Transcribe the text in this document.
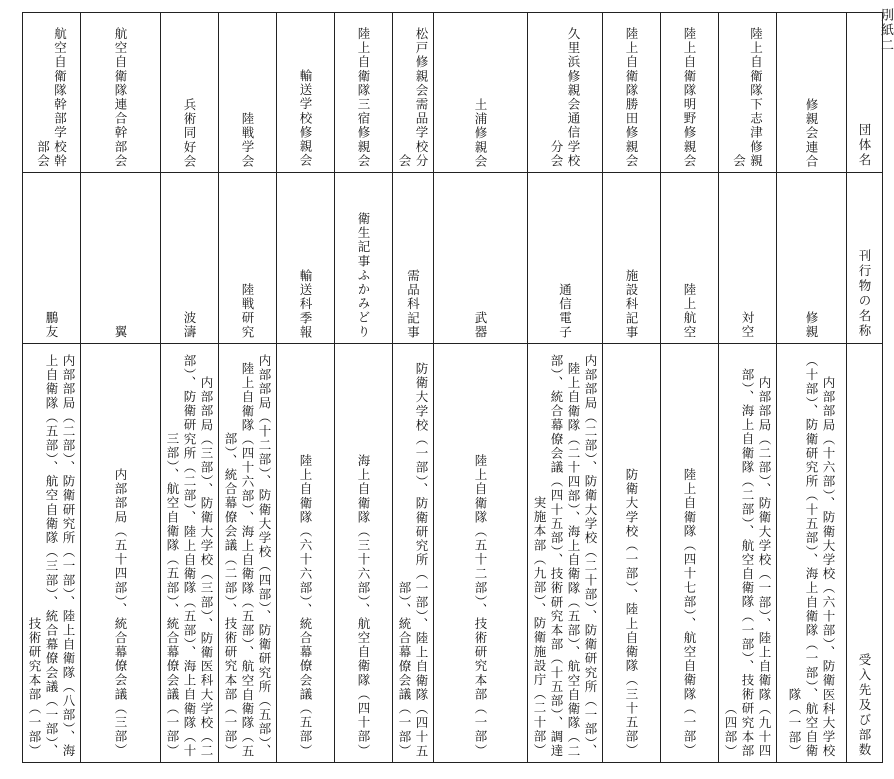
別紙二
団体名	修親会連合	陸上自衛隊下志津修親会	陸上自衛隊明野修親会	陸上自衛隊勝田修親会	久里浜修親会通信学校分会	土浦修親会	松戸修親会需品学校分会	陸上自衛隊三宿修親会	輸送学校修親会	陸戦学会	兵術同好会	航空自衛隊連合幹部会	航空自衛隊幹部学校幹部会

刊行物の名称	修親	対空	陸上航空	施設科記事	通信電子	武器	需品科記事	衛生記事ふかみどり	輸送科季報	陸戦研究	波濤	翼	鵬友

受入先及び部数	内部部局（十六部）、防衛大学校（六十部）、防衛医科大学校（十部）、防衛研究所（十五部）、海上自衛隊（一部）、航空自衛隊（一部）	内部部局（二部）、防衛大学校（一部）、陸上自衛隊（九十四部）、海上自衛隊（二部）、航空自衛隊（一部）、技術研究本部（四部）	陸上自衛隊（四十七部）、航空自衛隊（一部）	防衛大学校（一部）、陸上自衛隊（三十五部）	内部部局（二部）、防衛大学校（二十部）、防衛研究所（一部）、陸上自衛隊（二十四部）、海上自衛隊（五部）、航空自衛隊（二部）、統合幕僚会議（四十五部）、技術研究本部（十五部）、調達実施本部（九部）、防衛施設庁（二十部）	陸上自衛隊（五十二部）、技術研究本部（一部）	防衛大学校（一部）、防衛研究所（一部）、陸上自衛隊（四十五部）、統合幕僚会議（一部）	海上自衛隊（三十六部）、航空自衛隊（四十部）	陸上自衛隊（六十六部）、統合幕僚会議（五部）	内部部局（十二部）、防衛大学校（四部）、防衛研究所（五部）、陸上自衛隊（四十六部）、海上自衛隊（五部）、航空自衛隊（五部）、統合幕僚会議（二部）、技術研究本部（一部）	内部部局（三部）、防衛大学校（三部）、防衛医科大学校（二部）、防衛研究所（二部）、陸上自衛隊（五部）、海上自衛隊（十三部）、航空自衛隊（五部）、統合幕僚会議（一部）	内部部局（五十四部）、統合幕僚会議（三部）	内部部局（二部）、防衛研究所（一部）、陸上自衛隊（八部）、海上自衛隊（五部）、航空自衛隊（三部）、統合幕僚会議（一部）、技術研究本部（一部）
